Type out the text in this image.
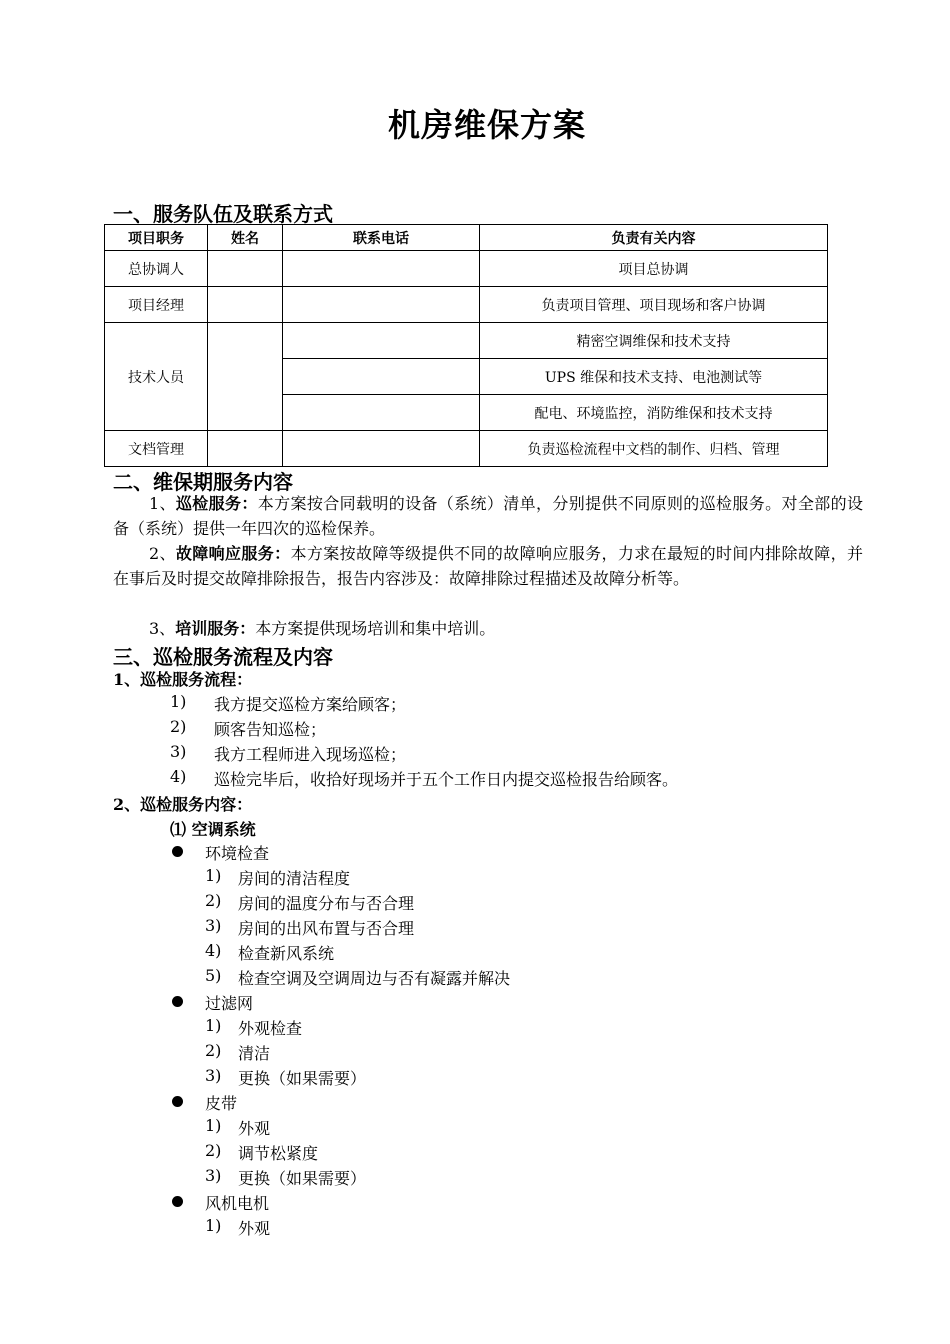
机房维保方案
一、服务队伍及联系方式
项目职务	姓名	联系电话	负责有关内容
总协调人			项目总协调
项目经理			负责项目管理、项目现场和客户协调
技术人员			精密空调维保和技术支持
			UPS 维保和技术支持、电池测试等
			配电、环境监控，消防维保和技术支持
文档管理			负责巡检流程中文档的制作、归档、管理
二、维保期服务内容
1、巡检服务：本方案按合同载明的设备（系统）清单，分别提供不同原则的巡检服务。对全部的设备（系统）提供一年四次的巡检保养。
2、故障响应服务：本方案按故障等级提供不同的故障响应服务，力求在最短的时间内排除故障，并在事后及时提交故障排除报告，报告内容涉及：故障排除过程描述及故障分析等。
3、培训服务：本方案提供现场培训和集中培训。
三、巡检服务流程及内容
1、巡检服务流程：
1) 我方提交巡检方案给顾客；
2) 顾客告知巡检；
3) 我方工程师进入现场巡检；
4) 巡检完毕后，收拾好现场并于五个工作日内提交巡检报告给顾客。
2、巡检服务内容：
⑴ 空调系统
环境检查
1) 房间的清洁程度
2) 房间的温度分布与否合理
3) 房间的出风布置与否合理
4) 检查新风系统
5) 检查空调及空调周边与否有凝露并解决
过滤网
1) 外观检查
2) 清洁
3) 更换（如果需要）
皮带
1) 外观
2) 调节松紧度
3) 更换（如果需要）
风机电机
1) 外观
